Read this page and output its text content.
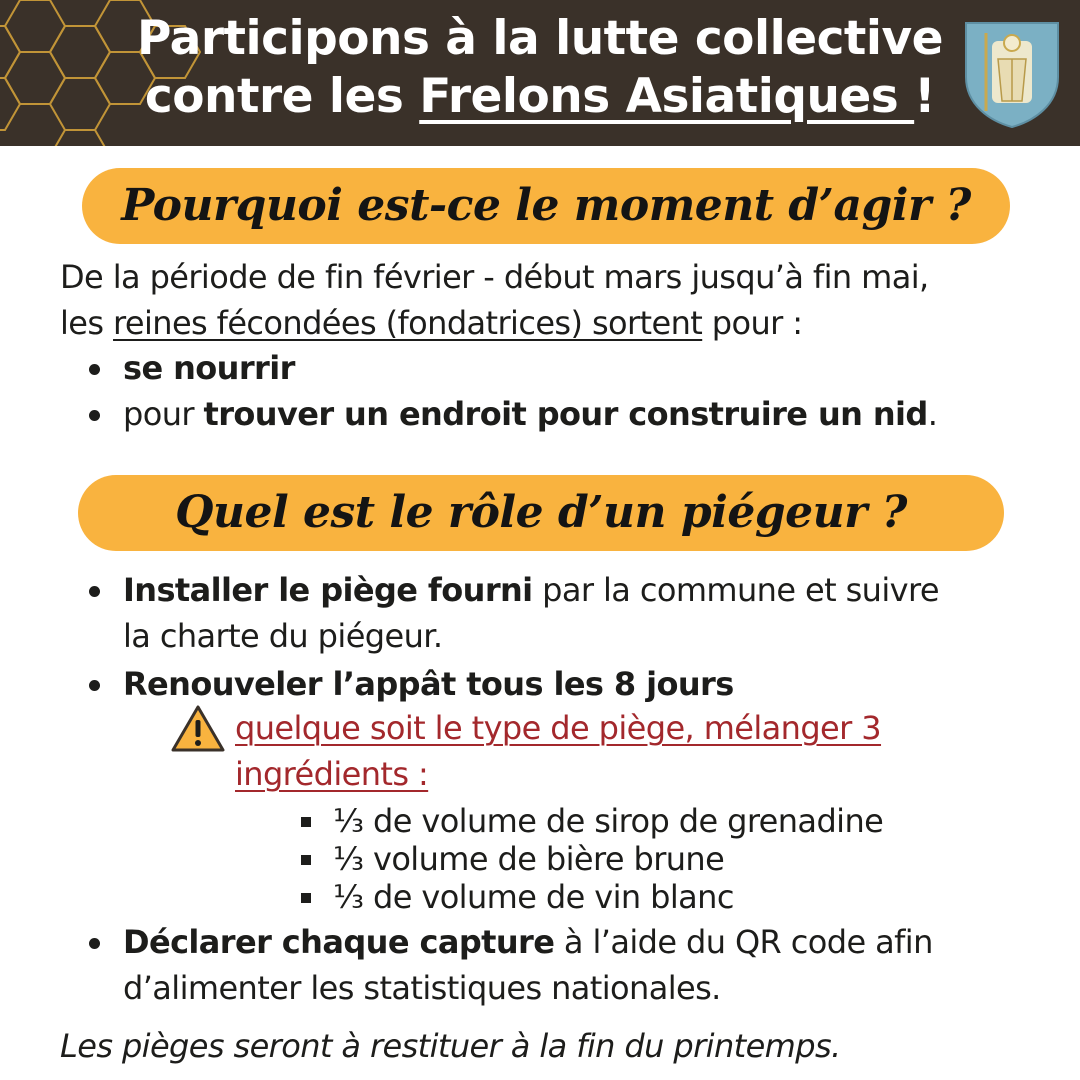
Participons à la lutte collective
contre les Frelons Asiatiques !
Pourquoi est-ce le moment d’agir ?
De la période de fin février - début mars jusqu’à fin mai,
les reines fécondées (fondatrices) sortent pour :
se nourrir
pour trouver un endroit pour construire un nid.
Quel est le rôle d’un piégeur ?
Installer le piège fourni par la commune et suivre
la charte du piégeur.
Renouveler l’appât tous les 8 jours
quelque soit le type de piège, mélanger 3
ingrédients :
⅓ de volume de sirop de grenadine
⅓ volume de bière brune
⅓ de volume de vin blanc
Déclarer chaque capture à l’aide du QR code afin
d’alimenter les statistiques nationales.
Les pièges seront à restituer à la fin du printemps.
